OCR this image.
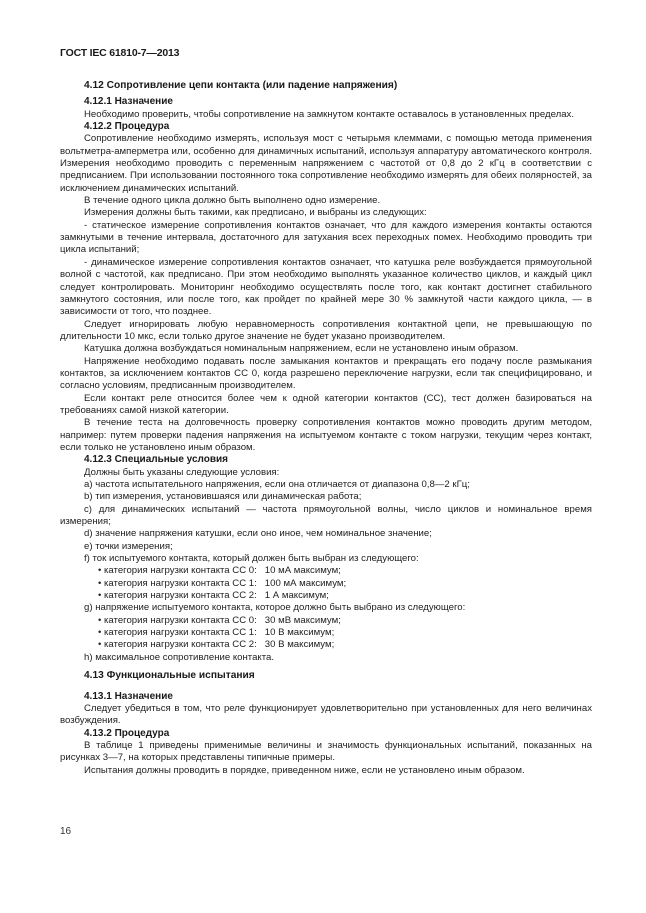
ГОСТ IEC 61810-7—2013
4.12 Сопротивление цепи контакта (или падение напряжения)
4.12.1 Назначение
Необходимо проверить, чтобы сопротивление на замкнутом контакте оставалось в установленных пределах.
4.12.2 Процедура
Сопротивление необходимо измерять, используя мост с четырьмя клеммами, с помощью метода применения вольтметра-амперметра или, особенно для динамичных испытаний, используя аппаратуру автоматического контроля. Измерения необходимо проводить с переменным напряжением с частотой от 0,8 до 2 кГц в соответствии с предписанием. При использовании постоянного тока сопротивление необходимо измерять для обеих полярностей, за исключением динамических испытаний.
В течение одного цикла должно быть выполнено одно измерение.
Измерения должны быть такими, как предписано, и выбраны из следующих:
- статическое измерение сопротивления контактов означает, что для каждого измерения контакты остаются замкнутыми в течение интервала, достаточного для затухания всех переходных помех. Необходимо проводить три цикла испытаний;
- динамическое измерение сопротивления контактов означает, что катушка реле возбуждается прямоугольной волной с частотой, как предписано. При этом необходимо выполнять указанное количество циклов, и каждый цикл следует контролировать. Мониторинг необходимо осуществлять после того, как контакт достигнет стабильного замкнутого состояния, или после того, как пройдет по крайней мере 30 % замкнутой части каждого цикла, — в зависимости от того, что позднее.
Следует игнорировать любую неравномерность сопротивления контактной цепи, не превышающую по длительности 10 мкс, если только другое значение не будет указано производителем.
Катушка должна возбуждаться номинальным напряжением, если не установлено иным образом.
Напряжение необходимо подавать после замыкания контактов и прекращать его подачу после размыкания контактов, за исключением контактов CC 0, когда разрешено переключение нагрузки, если так специфицировано, и согласно условиям, предписанным производителем.
Если контакт реле относится более чем к одной категории контактов (CC), тест должен базироваться на требованиях самой низкой категории.
В течение теста на долговечность проверку сопротивления контактов можно проводить другим методом, например: путем проверки падения напряжения на испытуемом контакте с током нагрузки, текущим через контакт, если только не установлено иным образом.
4.12.3 Специальные условия
Должны быть указаны следующие условия:
a) частота испытательного напряжения, если она отличается от диапазона 0,8—2 кГц;
b) тип измерения, установившаяся или динамическая работа;
c) для динамических испытаний — частота прямоугольной волны, число циклов и номинальное время измерения;
d) значение напряжения катушки, если оно иное, чем номинальное значение;
e) точки измерения;
f) ток испытуемого контакта, который должен быть выбран из следующего:
• категория нагрузки контакта CC 0:   10 мА максимум;
• категория нагрузки контакта CC 1:   100 мА максимум;
• категория нагрузки контакта CC 2:   1 А максимум;
g) напряжение испытуемого контакта, которое должно быть выбрано из следующего:
• категория нагрузки контакта CC 0:   30 мВ максимум;
• категория нагрузки контакта CC 1:   10 В максимум;
• категория нагрузки контакта CC 2:   30 В максимум;
h) максимальное сопротивление контакта.
4.13 Функциональные испытания
4.13.1 Назначение
Следует убедиться в том, что реле функционирует удовлетворительно при установленных для него величинах возбуждения.
4.13.2 Процедура
В таблице 1 приведены применимые величины и значимость функциональных испытаний, показанных на рисунках 3—7, на которых представлены типичные примеры.
Испытания должны проводить в порядке, приведенном ниже, если не установлено иным образом.
16
